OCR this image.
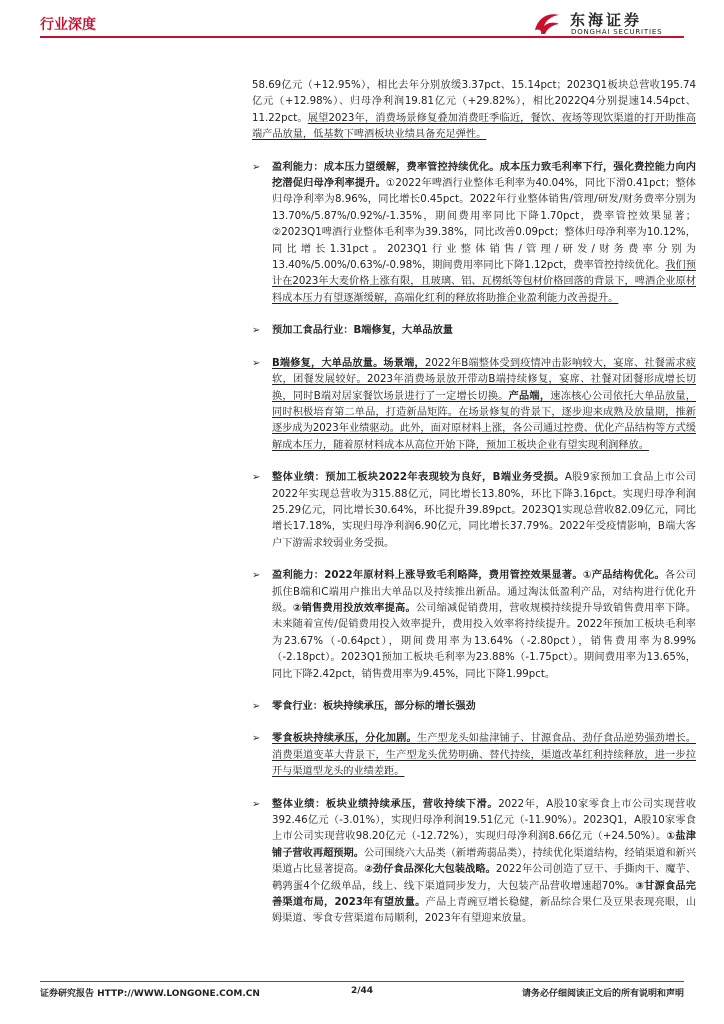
行业深度	东海证券
DONGHAI SECURITIES

58.69亿元（+12.95%），相比去年分别放缓3.37pct、15.14pct；2023Q1板块总营收195.74亿元（+12.98%）、归母净利润19.81亿元（+29.82%），相比2022Q4分别提速14.54pct、11.22pct。展望2023年，消费场景修复叠加消费旺季临近，餐饮、夜场等现饮渠道的打开助推高端产品放量，低基数下啤酒板块业绩具备充足弹性。

➢ 盈利能力：成本压力望缓解，费率管控持续优化。成本压力致毛利率下行，强化费控能力向内挖潜促归母净利率提升。①2022年啤酒行业整体毛利率为40.04%，同比下滑0.41pct；整体归母净利率为8.96%，同比增长0.45pct。2022年行业整体销售/管理/研发/财务费率分别为13.70%/5.87%/0.92%/-1.35%，期间费用率同比下降1.70pct，费率管控效果显著；②2023Q1啤酒行业整体毛利率为39.38%，同比改善0.09pct；整体归母净利率为10.12%，同比增长1.31pct。2023Q1行业整体销售/管理/研发/财务费率分别为13.40%/5.00%/0.63%/-0.98%，期间费用率同比下降1.12pct，费率管控持续优化。我们预计在2023年大麦价格上涨有限，且玻璃、铝、瓦楞纸等包材价格回落的背景下，啤酒企业原材料成本压力有望逐渐缓解，高端化红利的释放将助推企业盈利能力改善提升。
➢ 预加工食品行业：B端修复，大单品放量
➢ B端修复，大单品放量。场景端，2022年B端整体受到疫情冲击影响较大，宴席、社餐需求疲软，团餐发展较好。2023年消费场景放开带动B端持续修复，宴席、社餐对团餐形成增长切换，同时B端对居家餐饮场景进行了一定增长切换。产品端，速冻核心公司依托大单品放量，同时积极培育第二单品，打造新品矩阵。在场景修复的背景下，逐步迎来成熟及放量期，推新逐步成为2023年业绩驱动。此外，面对原材料上涨，各公司通过控费、优化产品结构等方式缓解成本压力，随着原材料成本从高位开始下降，预加工板块企业有望实现利润释放。
➢ 整体业绩：预加工板块2022年表现较为良好，B端业务受损。A股9家预加工食品上市公司2022年实现总营收为315.88亿元，同比增长13.80%，环比下降3.16pct。实现归母净利润25.29亿元，同比增长30.64%，环比提升39.89pct。2023Q1实现总营收82.09亿元，同比增长17.18%，实现归母净利润6.90亿元，同比增长37.79%。2022年受疫情影响，B端大客户下游需求较弱业务受损。
➢ 盈利能力：2022年原材料上涨导致毛利略降，费用管控效果显著。①产品结构优化。各公司抓住B端和C端用户推出大单品以及持续推出新品。通过淘汰低盈利产品，对结构进行优化升级。②销售费用投放效率提高。公司缩减促销费用，营收规模持续提升导致销售费用率下降。未来随着宣传/促销费用投入效率提升，费用投入效率将持续提升。2022年预加工板块毛利率为23.67%（-0.64pct），期间费用率为13.64%（-2.80pct），销售费用率为8.99%（-2.18pct）。2023Q1预加工板块毛利率为23.88%（-1.75pct）。期间费用率为13.65%，同比下降2.42pct，销售费用率为9.45%，同比下降1.99pct。
➢ 零食行业：板块持续承压，部分标的增长强劲
➢ 零食板块持续承压，分化加剧。生产型龙头如盐津铺子、甘源食品、劲仔食品逆势强劲增长。消费渠道变革大背景下，生产型龙头优势明确、替代持续，渠道改革红利持续释放，进一步拉开与渠道型龙头的业绩差距。
➢ 整体业绩：板块业绩持续承压，营收持续下滑。2022年，A股10家零食上市公司实现营收392.46亿元（-3.01%），实现归母净利润19.51亿元（-11.90%）。2023Q1，A股10家零食上市公司实现营收98.20亿元（-12.72%），实现归母净利润8.66亿元（+24.50%）。①盐津铺子营收再超预期。公司围绕六大品类（新增蒟蒻品类），持续优化渠道结构，经销渠道和新兴渠道占比显著提高。②劲仔食品深化大包装战略。2022年公司创造了豆干、手撕肉干、魔芋、鹌鹑蛋4个亿级单品，线上、线下渠道同步发力，大包装产品营收增速超70%。③甘源食品完善渠道布局，2023年有望放量。产品上青豌豆增长稳健，新品综合果仁及豆果表现亮眼，山姆渠道、零食专营渠道布局顺利，2023年有望迎来放量。
证券研究报告 HTTP://WWW.LONGONE.COM.CN	2/44	请务必仔细阅读正文后的所有说明和声明
